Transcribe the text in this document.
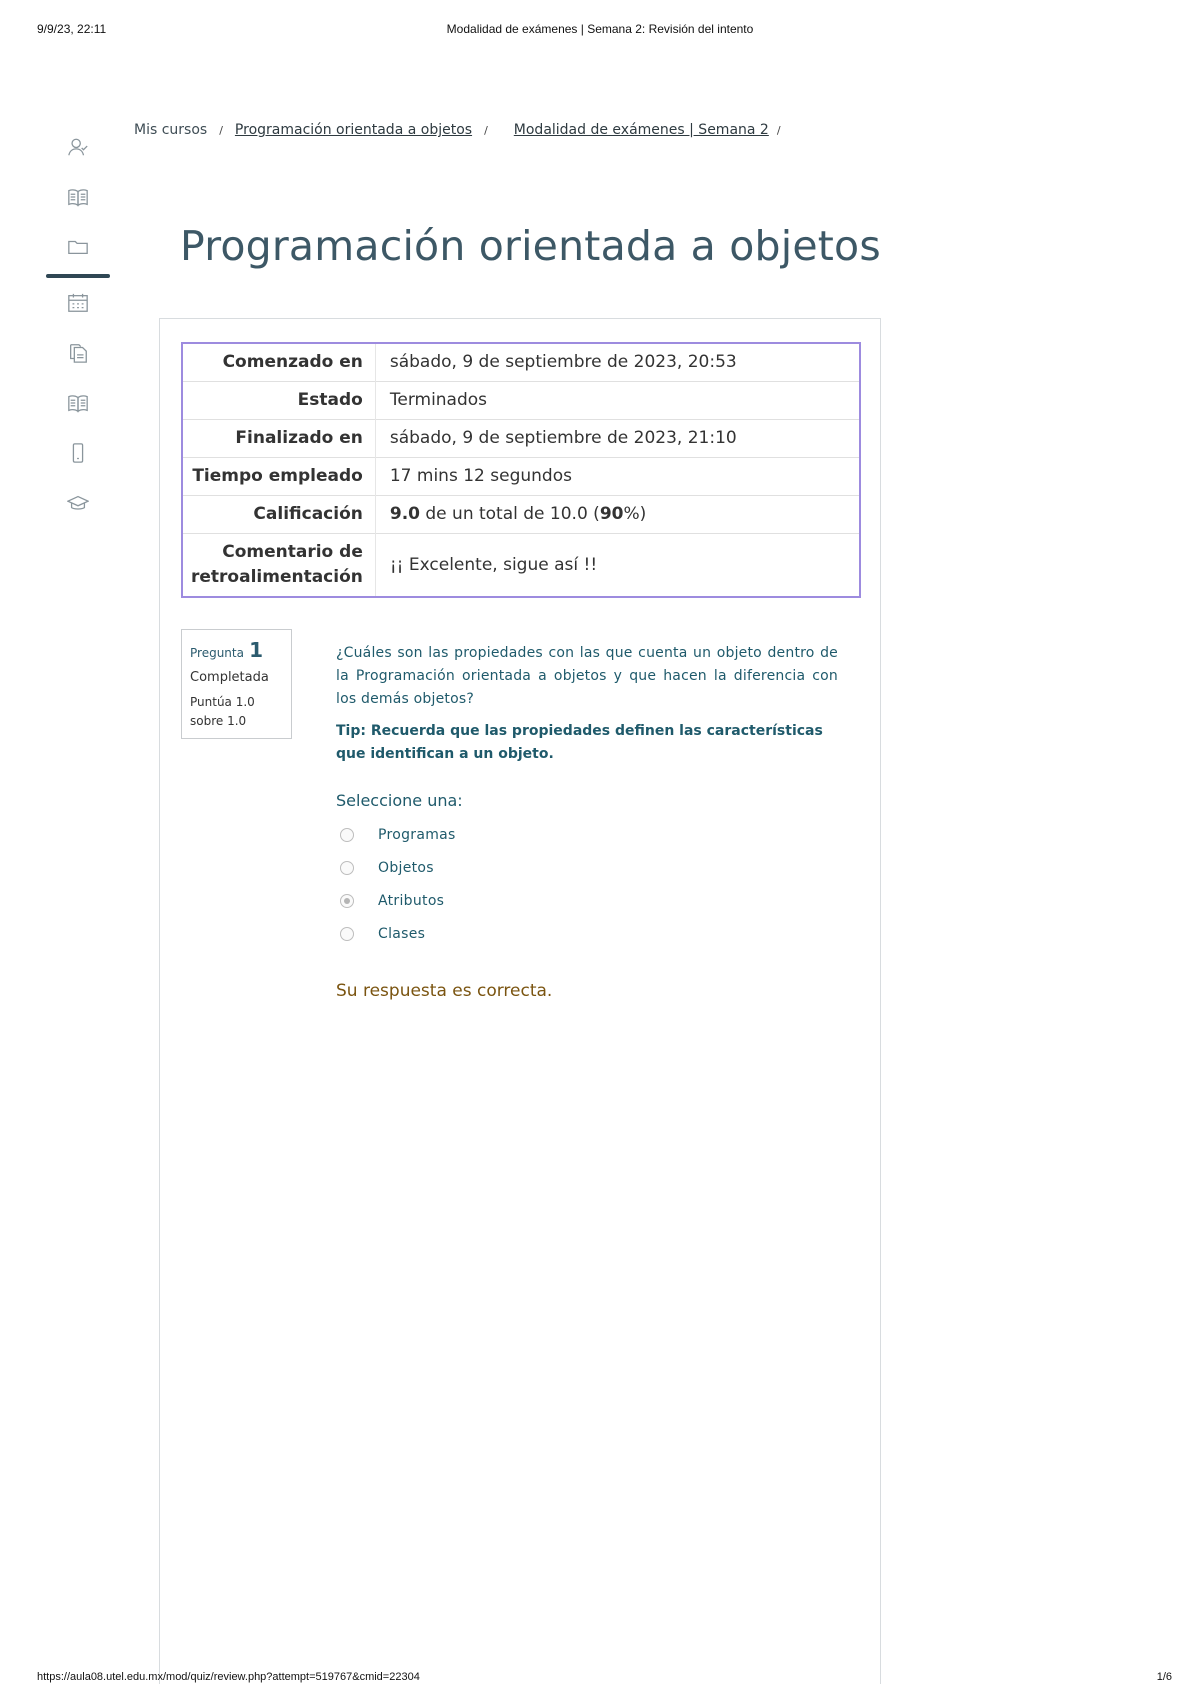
9/9/23, 22:11	Modalidad de exámenes | Semana 2: Revisión del intento
Mis cursos / Programación orientada a objetos / Modalidad de exámenes | Semana 2 /
Programación orientada a objetos
Comenzado en	sábado, 9 de septiembre de 2023, 20:53
Estado	Terminados
Finalizado en	sábado, 9 de septiembre de 2023, 21:10
Tiempo empleado	17 mins 12 segundos
Calificación	9.0 de un total de 10.0 (90%)
Comentario de retroalimentación	¡¡ Excelente, sigue así !!
Pregunta 1
Completada
Puntúa 1.0 sobre 1.0

¿Cuáles son las propiedades con las que cuenta un objeto dentro de la Programación orientada a objetos y que hacen la diferencia con los demás objetos?

Tip: Recuerda que las propiedades definen las características que identifican a un objeto.

Seleccione una:
Programas
Objetos
Atributos
Clases
Su respuesta es correcta.
https://aula08.utel.edu.mx/mod/quiz/review.php?attempt=519767&cmid=22304	1/6
